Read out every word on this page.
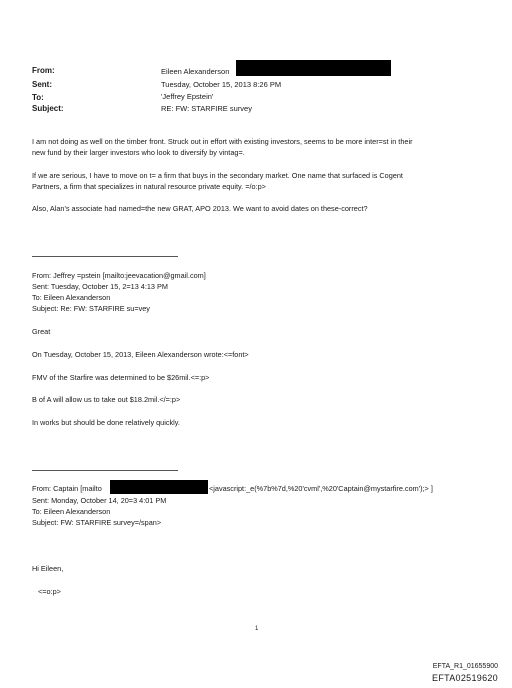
From:
Sent:
To:
Subject:
Eileen Alexanderson
Tuesday, October 15, 2013 8:26 PM
'Jeffrey Epstein'
RE: FW: STARFIRE survey
I am not doing as well on the timber front. Struck out in effort with existing investors, seems to be more inter=st in their
new fund by their larger investors who look to diversify by vintag=.
If we are serious, I have to move on t= a firm that buys in the secondary market. One name that surfaced is Cogent
Partners, a firm that specializes in natural resource private equity. =/o:p>
Also, Alan's associate had named=the new GRAT, APO 2013. We want to avoid dates on these-correct?
From: Jeffrey =pstein [mailto:jeevacation@gmail.com]
Sent: Tuesday, October 15, 2=13 4:13 PM
To: Eileen Alexanderson
Subject: Re: FW: STARFIRE su=vey
Great
On Tuesday, October 15, 2013, Eileen Alexanderson wrote:<=font>
FMV of the Starfire was determined to be $26mil.<=:p>
B of A will allow us to take out $18.2mil.</=:p>
In works but should be done relatively quickly.
From: Captain [mailto	<javascript:_e(%7b%7d,%20'cvml',%20'Captain@mystarfire.com');> ]
Sent: Monday, October 14, 20=3 4:01 PM
To: Eileen Alexanderson
Subject: FW: STARFIRE survey=/span>
Hi Eileen,
<=o:p>
1
EFTA_R1_01655900
EFTA02519620
